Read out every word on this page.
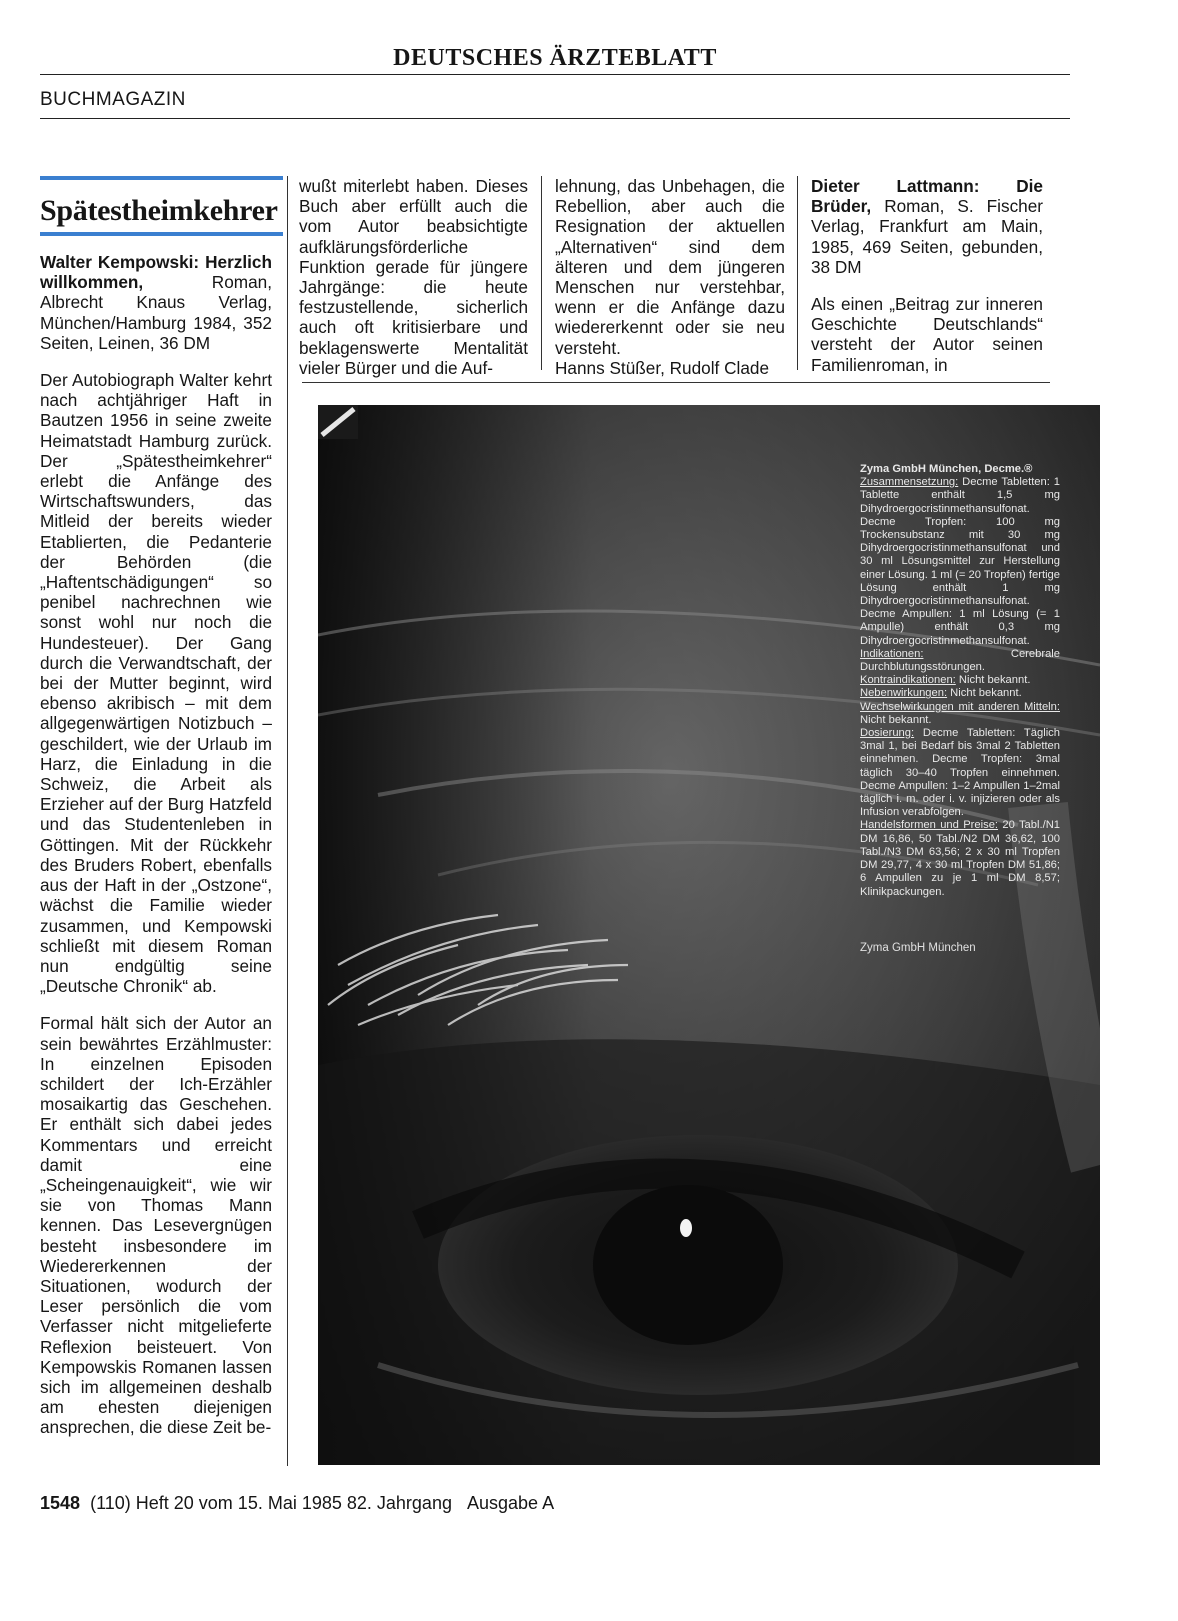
DEUTSCHES ÄRZTEBLATT
BUCHMAGAZIN
Spätestheimkehrer

Walter Kempowski: Herzlich willkommen, Roman, Albrecht Knaus Verlag, München/Hamburg 1984, 352 Seiten, Leinen, 36 DM

Der Autobiograph Walter kehrt nach achtjähriger Haft in Bautzen 1956 in seine zweite Heimatstadt Hamburg zurück. Der „Spätestheimkehrer“ erlebt die Anfänge des Wirtschaftswunders, das Mitleid der bereits wieder Etablierten, die Pedanterie der Behörden (die „Haftentschädigungen“ so penibel nachrechnen wie sonst wohl nur noch die Hundesteuer). Der Gang durch die Verwandtschaft, der bei der Mutter beginnt, wird ebenso akribisch – mit dem allgegenwärtigen Notizbuch – geschildert, wie der Urlaub im Harz, die Einladung in die Schweiz, die Arbeit als Erzieher auf der Burg Hatzfeld und das Studentenleben in Göttingen. Mit der Rückkehr des Bruders Robert, ebenfalls aus der Haft in der „Ostzone“, wächst die Familie wieder zusammen, und Kempowski schließt mit diesem Roman nun endgültig seine „Deutsche Chronik“ ab.

Formal hält sich der Autor an sein bewährtes Erzählmuster: In einzelnen Episoden schildert der Ich-Erzähler mosaikartig das Geschehen. Er enthält sich dabei jedes Kommentars und erreicht damit eine „Scheingenauigkeit“, wie wir sie von Thomas Mann kennen. Das Lesevergnügen besteht insbesondere im Wiedererkennen der Situationen, wodurch der Leser persönlich die vom Verfasser nicht mitgelieferte Reflexion beisteuert. Von Kempowskis Romanen lassen sich im allgemeinen deshalb am ehesten diejenigen ansprechen, die diese Zeit be-

wußt miterlebt haben. Dieses Buch aber erfüllt auch die vom Autor beabsichtigte aufklärungsförderliche Funktion gerade für jüngere Jahrgänge: die heute festzustellende, sicherlich auch oft kritisierbare und beklagenswerte Mentalität vieler Bürger und die Auf-

lehnung, das Unbehagen, die Rebellion, aber auch die Resignation der aktuellen „Alternativen“ sind dem älteren und dem jüngeren Menschen nur verstehbar, wenn er die Anfänge dazu wiedererkennt oder sie neu versteht.

Hanns Stüßer, Rudolf Clade

Dieter Lattmann: Die Brüder, Roman, S. Fischer Verlag, Frankfurt am Main, 1985, 469 Seiten, gebunden, 38 DM

Als einen „Beitrag zur inneren Geschichte Deutschlands“ versteht der Autor seinen Familienroman, in

Zyma GmbH München, Decme.®

Zusammensetzung: Decme Tabletten: 1 Tablette enthält 1,5 mg Dihydroergocristinmethansulfonat. Decme Tropfen: 100 mg Trockensubstanz mit 30 mg Dihydroergocristinmethansulfonat und 30 ml Lösungsmittel zur Herstellung einer Lösung. 1 ml (= 20 Tropfen) fertige Lösung enthält 1 mg Dihydroergocristinmethansulfonat. Decme Ampullen: 1 ml Lösung (= 1 Ampulle) enthält 0,3 mg Dihydroergocristinmethansulfonat.

Indikationen: Cerebrale Durchblutungsstörungen.

Kontraindikationen: Nicht bekannt.

Nebenwirkungen: Nicht bekannt.

Wechselwirkungen mit anderen Mitteln: Nicht bekannt.

Dosierung: Decme Tabletten: Täglich 3mal 1, bei Bedarf bis 3mal 2 Tabletten einnehmen. Decme Tropfen: 3mal täglich 30–40 Tropfen einnehmen. Decme Ampullen: 1–2 Ampullen 1–2mal täglich i. m. oder i. v. injizieren oder als Infusion verabfolgen.

Handelsformen und Preise: 20 Tabl./N1 DM 16,86, 50 Tabl./N2 DM 36,62, 100 Tabl./N3 DM 63,56; 2 x 30 ml Tropfen DM 29,77, 4 x 30 ml Tropfen DM 51,86; 6 Ampullen zu je 1 ml DM 8,57; Klinikpackungen.

Zyma GmbH München
1548 (110) Heft 20 vom 15. Mai 1985 82. Jahrgang Ausgabe A
